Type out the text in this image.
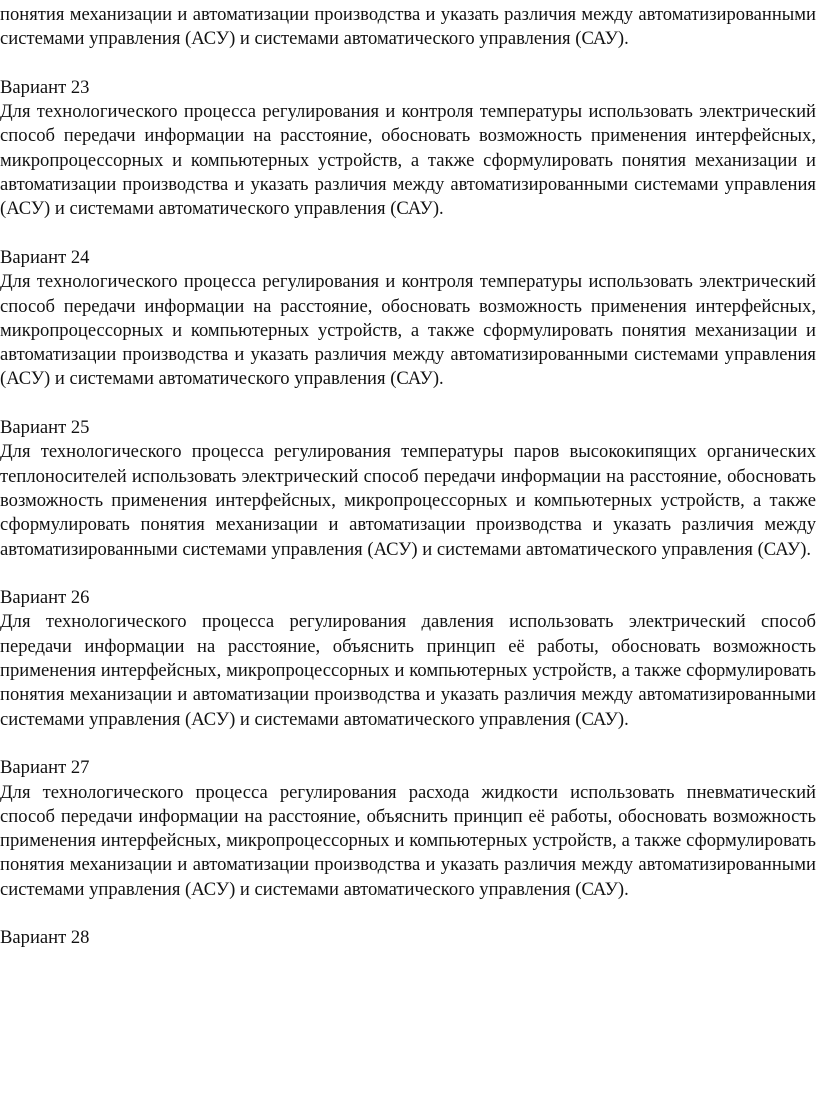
понятия механизации и автоматизации производства и указать различия между автоматизированными системами управления (АСУ) и системами автоматического управления (САУ).

Вариант 23

Для технологического процесса регулирования и контроля температуры использовать электрический способ передачи информации на расстояние, обосновать возможность применения интерфейсных, микропроцессорных и компьютерных устройств, а также сформулировать понятия механизации и автоматизации производства и указать различия между автоматизированными системами управления (АСУ) и системами автоматического управления (САУ).

Вариант 24

Для технологического процесса регулирования и контроля температуры использовать электрический способ передачи информации на расстояние, обосновать возможность применения интерфейсных, микропроцессорных и компьютерных устройств, а также сформулировать понятия механизации и автоматизации производства и указать различия между автоматизированными системами управления (АСУ) и системами автоматического управления (САУ).

Вариант 25

Для технологического процесса регулирования температуры паров высококипящих органических теплоносителей использовать электрический способ передачи информации на расстояние, обосновать возможность применения интерфейсных, микропроцессорных и компьютерных устройств, а также сформулировать понятия механизации и автоматизации производства и указать различия между автоматизированными системами управления (АСУ) и системами автоматического управления (САУ).

Вариант 26

Для технологического процесса регулирования давления использовать электрический способ передачи информации на расстояние, объяснить принцип её работы, обосновать возможность применения интерфейсных, микропроцессорных и компьютерных устройств, а также сформулировать понятия механизации и автоматизации производства и указать различия между автоматизированными системами управления (АСУ) и системами автоматического управления (САУ).

Вариант 27

Для технологического процесса регулирования расхода жидкости использовать пневматический способ передачи информации на расстояние, объяснить принцип её работы, обосновать возможность применения интерфейсных, микропроцессорных и компьютерных устройств, а также сформулировать понятия механизации и автоматизации производства и указать различия между автоматизированными системами управления (АСУ) и системами автоматического управления (САУ).

Вариант 28
